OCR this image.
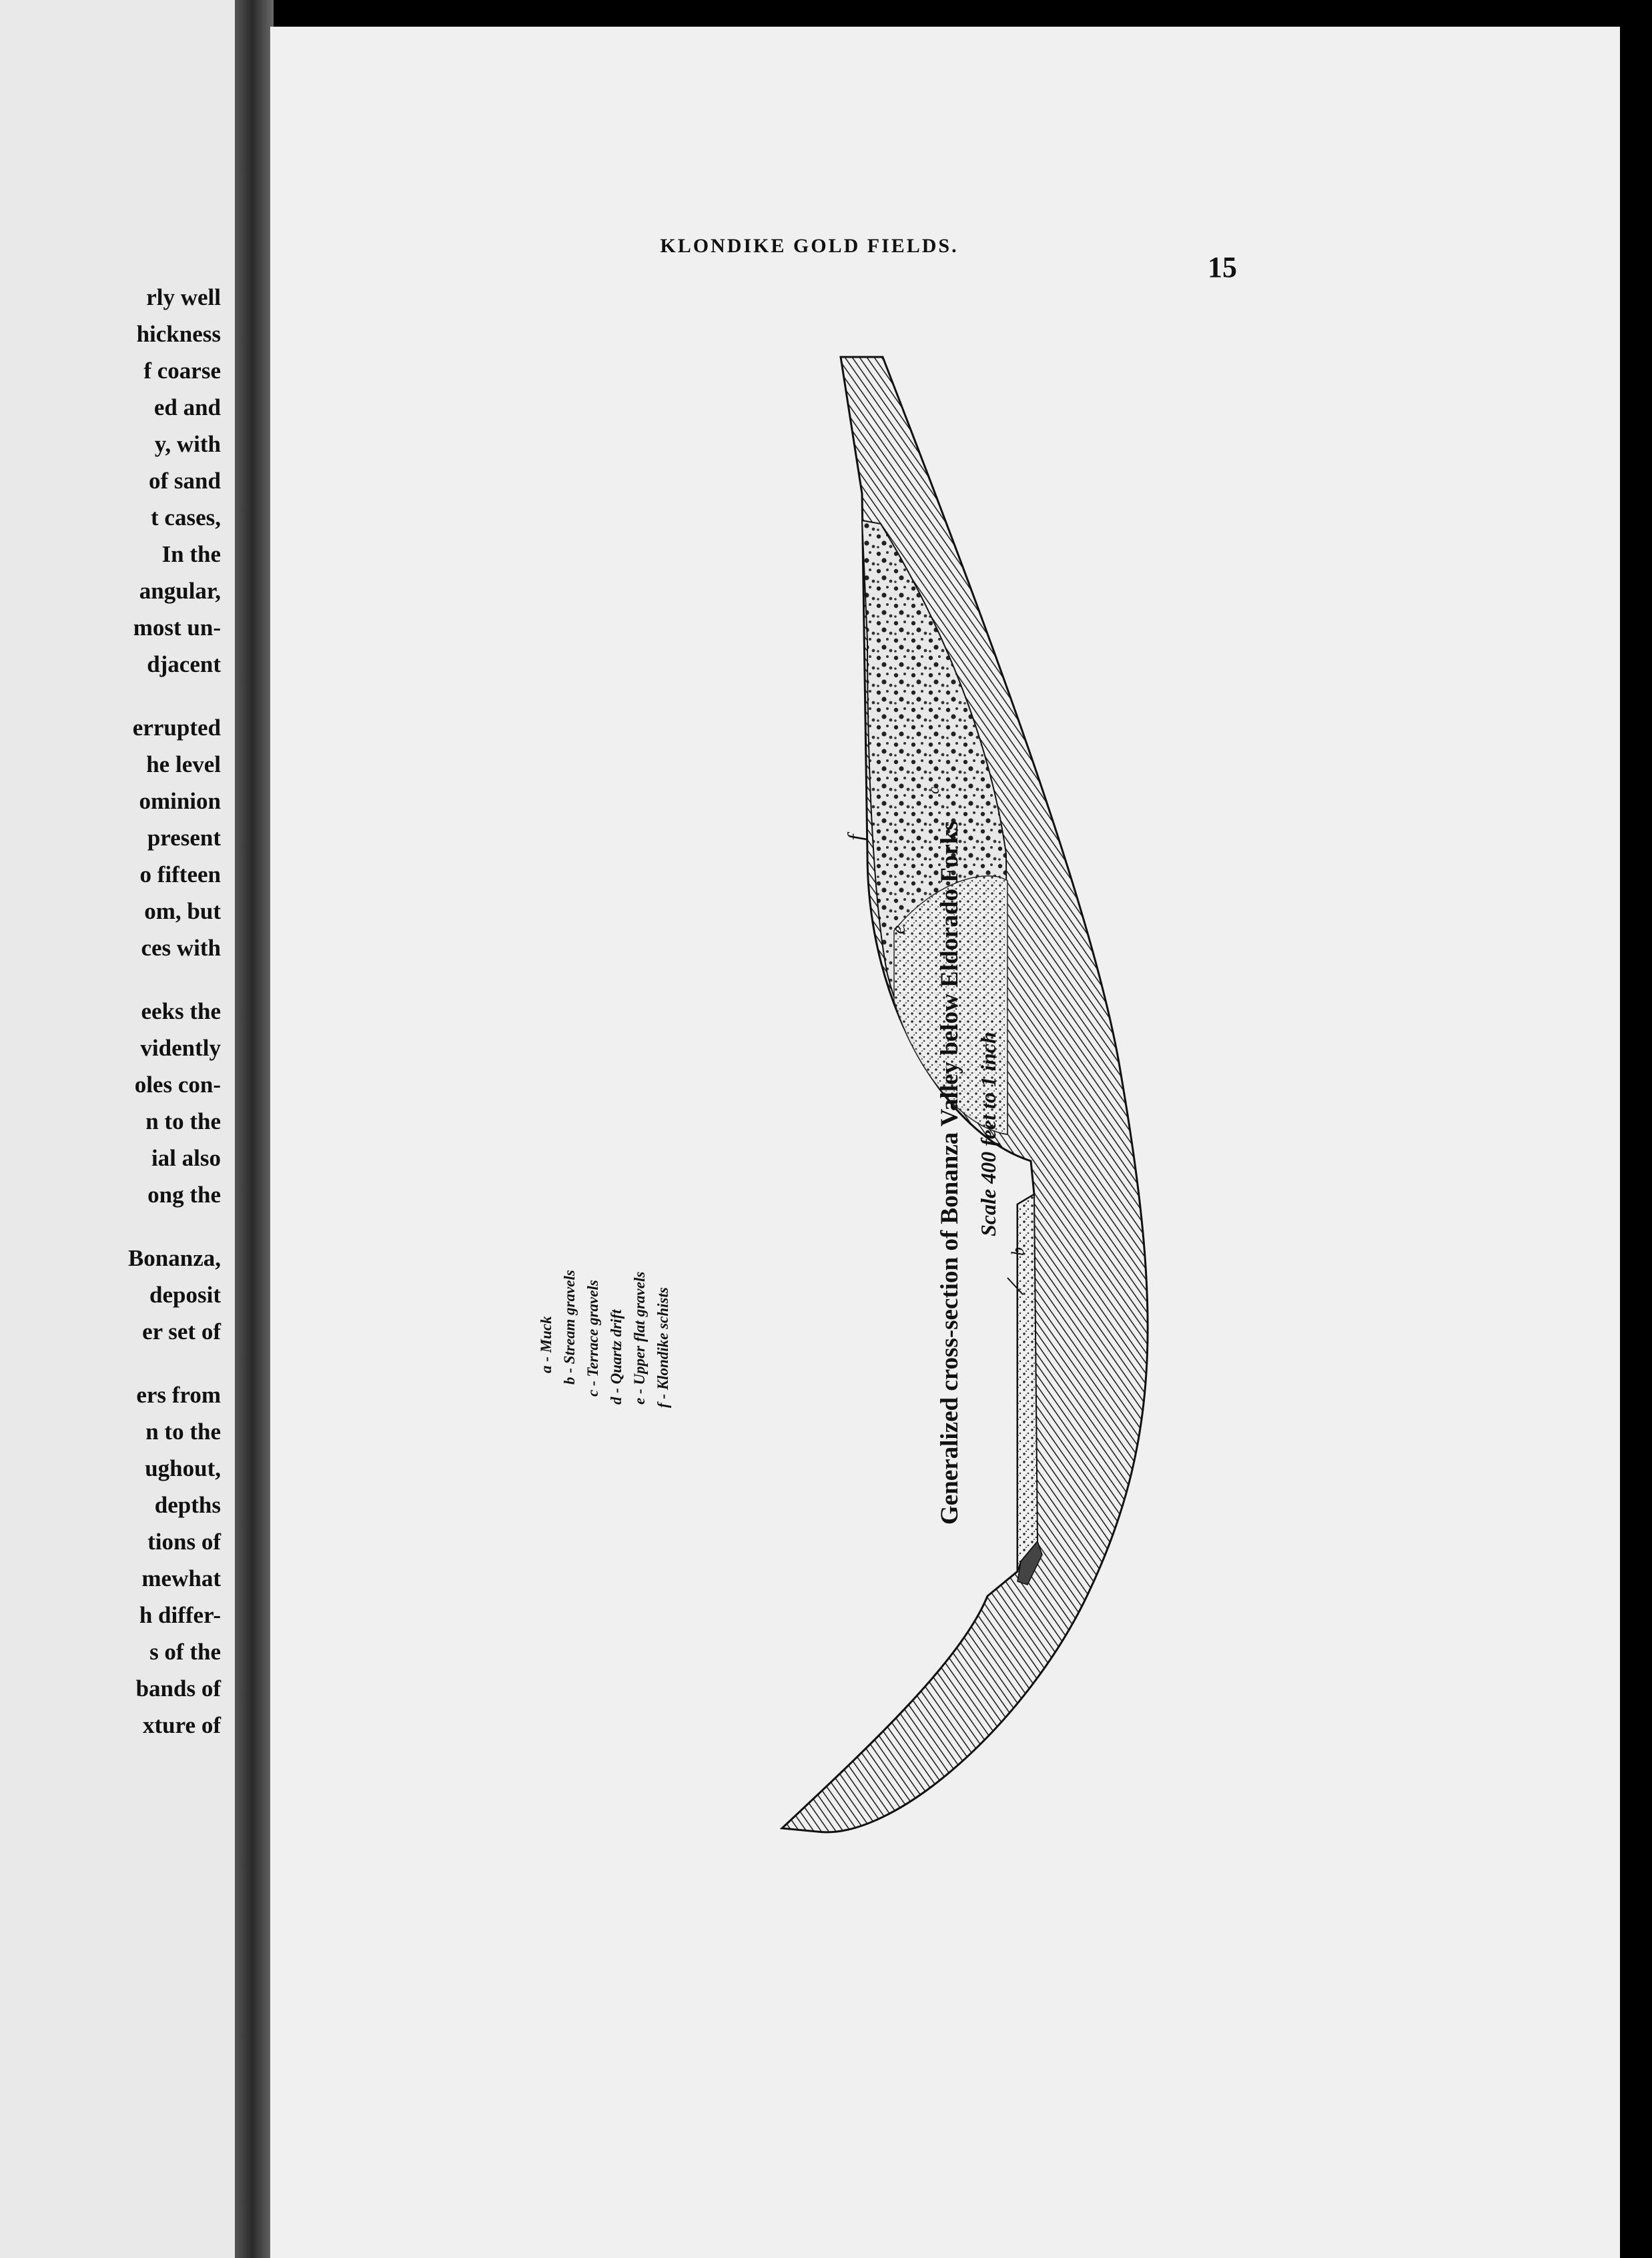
rly well
hickness
f coarse
ed and
y, with
of sand
t cases,
In the
angular,
most un-
djacent
errupted
he level
ominion
present
o fifteen
om, but
ces with
eeks the
vidently
oles con-
n to the
ial also
ong the
Bonanza,
deposit
er set of
ers from
n to the
ughout,
depths
tions of
mewhat
h differ-
s of the
bands of
xture of
KLONDIKE GOLD FIELDS.
15
f
e
c
b
a - Muck b - Stream gravels c - Terrace gravels d - Quartz drift e - Upper flat gravels f - Klondike schists	Generalized cross-section of Bonanza Valley below Eldorado Forks Scale 400 feet to 1 inch
